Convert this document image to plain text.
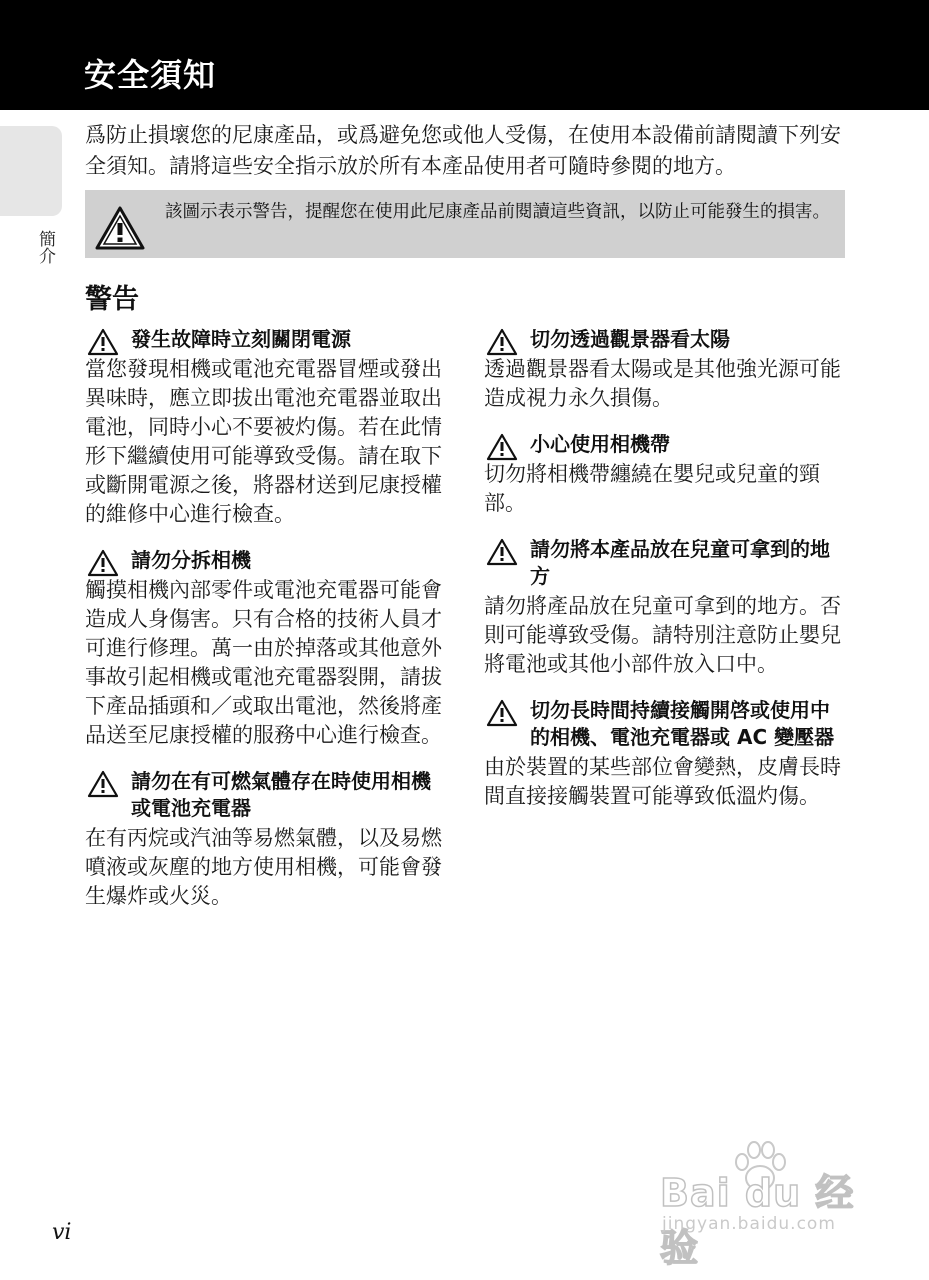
安全須知
簡介
爲防止損壞您的尼康產品，或爲避免您或他人受傷，在使用本設備前請閱讀下列安全須知。請將這些安全指示放於所有本產品使用者可隨時參閱的地方。
該圖示表示警告，提醒您在使用此尼康產品前閱讀這些資訊，以防止可能發生的損害。
警告
發生故障時立刻關閉電源
當您發現相機或電池充電器冒煙或發出異味時，應立即拔出電池充電器並取出電池，同時小心不要被灼傷。若在此情形下繼續使用可能導致受傷。請在取下或斷開電源之後，將器材送到尼康授權的維修中心進行檢查。
請勿分拆相機
觸摸相機內部零件或電池充電器可能會造成人身傷害。只有合格的技術人員才可進行修理。萬一由於掉落或其他意外事故引起相機或電池充電器裂開，請拔下產品插頭和／或取出電池，然後將產品送至尼康授權的服務中心進行檢查。
請勿在有可燃氣體存在時使用相機或電池充電器
在有丙烷或汽油等易燃氣體，以及易燃噴液或灰塵的地方使用相機，可能會發生爆炸或火災。
切勿透過觀景器看太陽
透過觀景器看太陽或是其他強光源可能造成視力永久損傷。
小心使用相機帶
切勿將相機帶纏繞在嬰兒或兒童的頸部。
請勿將本產品放在兒童可拿到的地方
請勿將產品放在兒童可拿到的地方。否則可能導致受傷。請特別注意防止嬰兒將電池或其他小部件放入口中。
切勿長時間持續接觸開啓或使用中的相機、電池充電器或 AC 變壓器
由於裝置的某些部位會變熱，皮膚長時間直接接觸裝置可能導致低溫灼傷。
vi
Bai du 经验
jingyan.baidu.com
